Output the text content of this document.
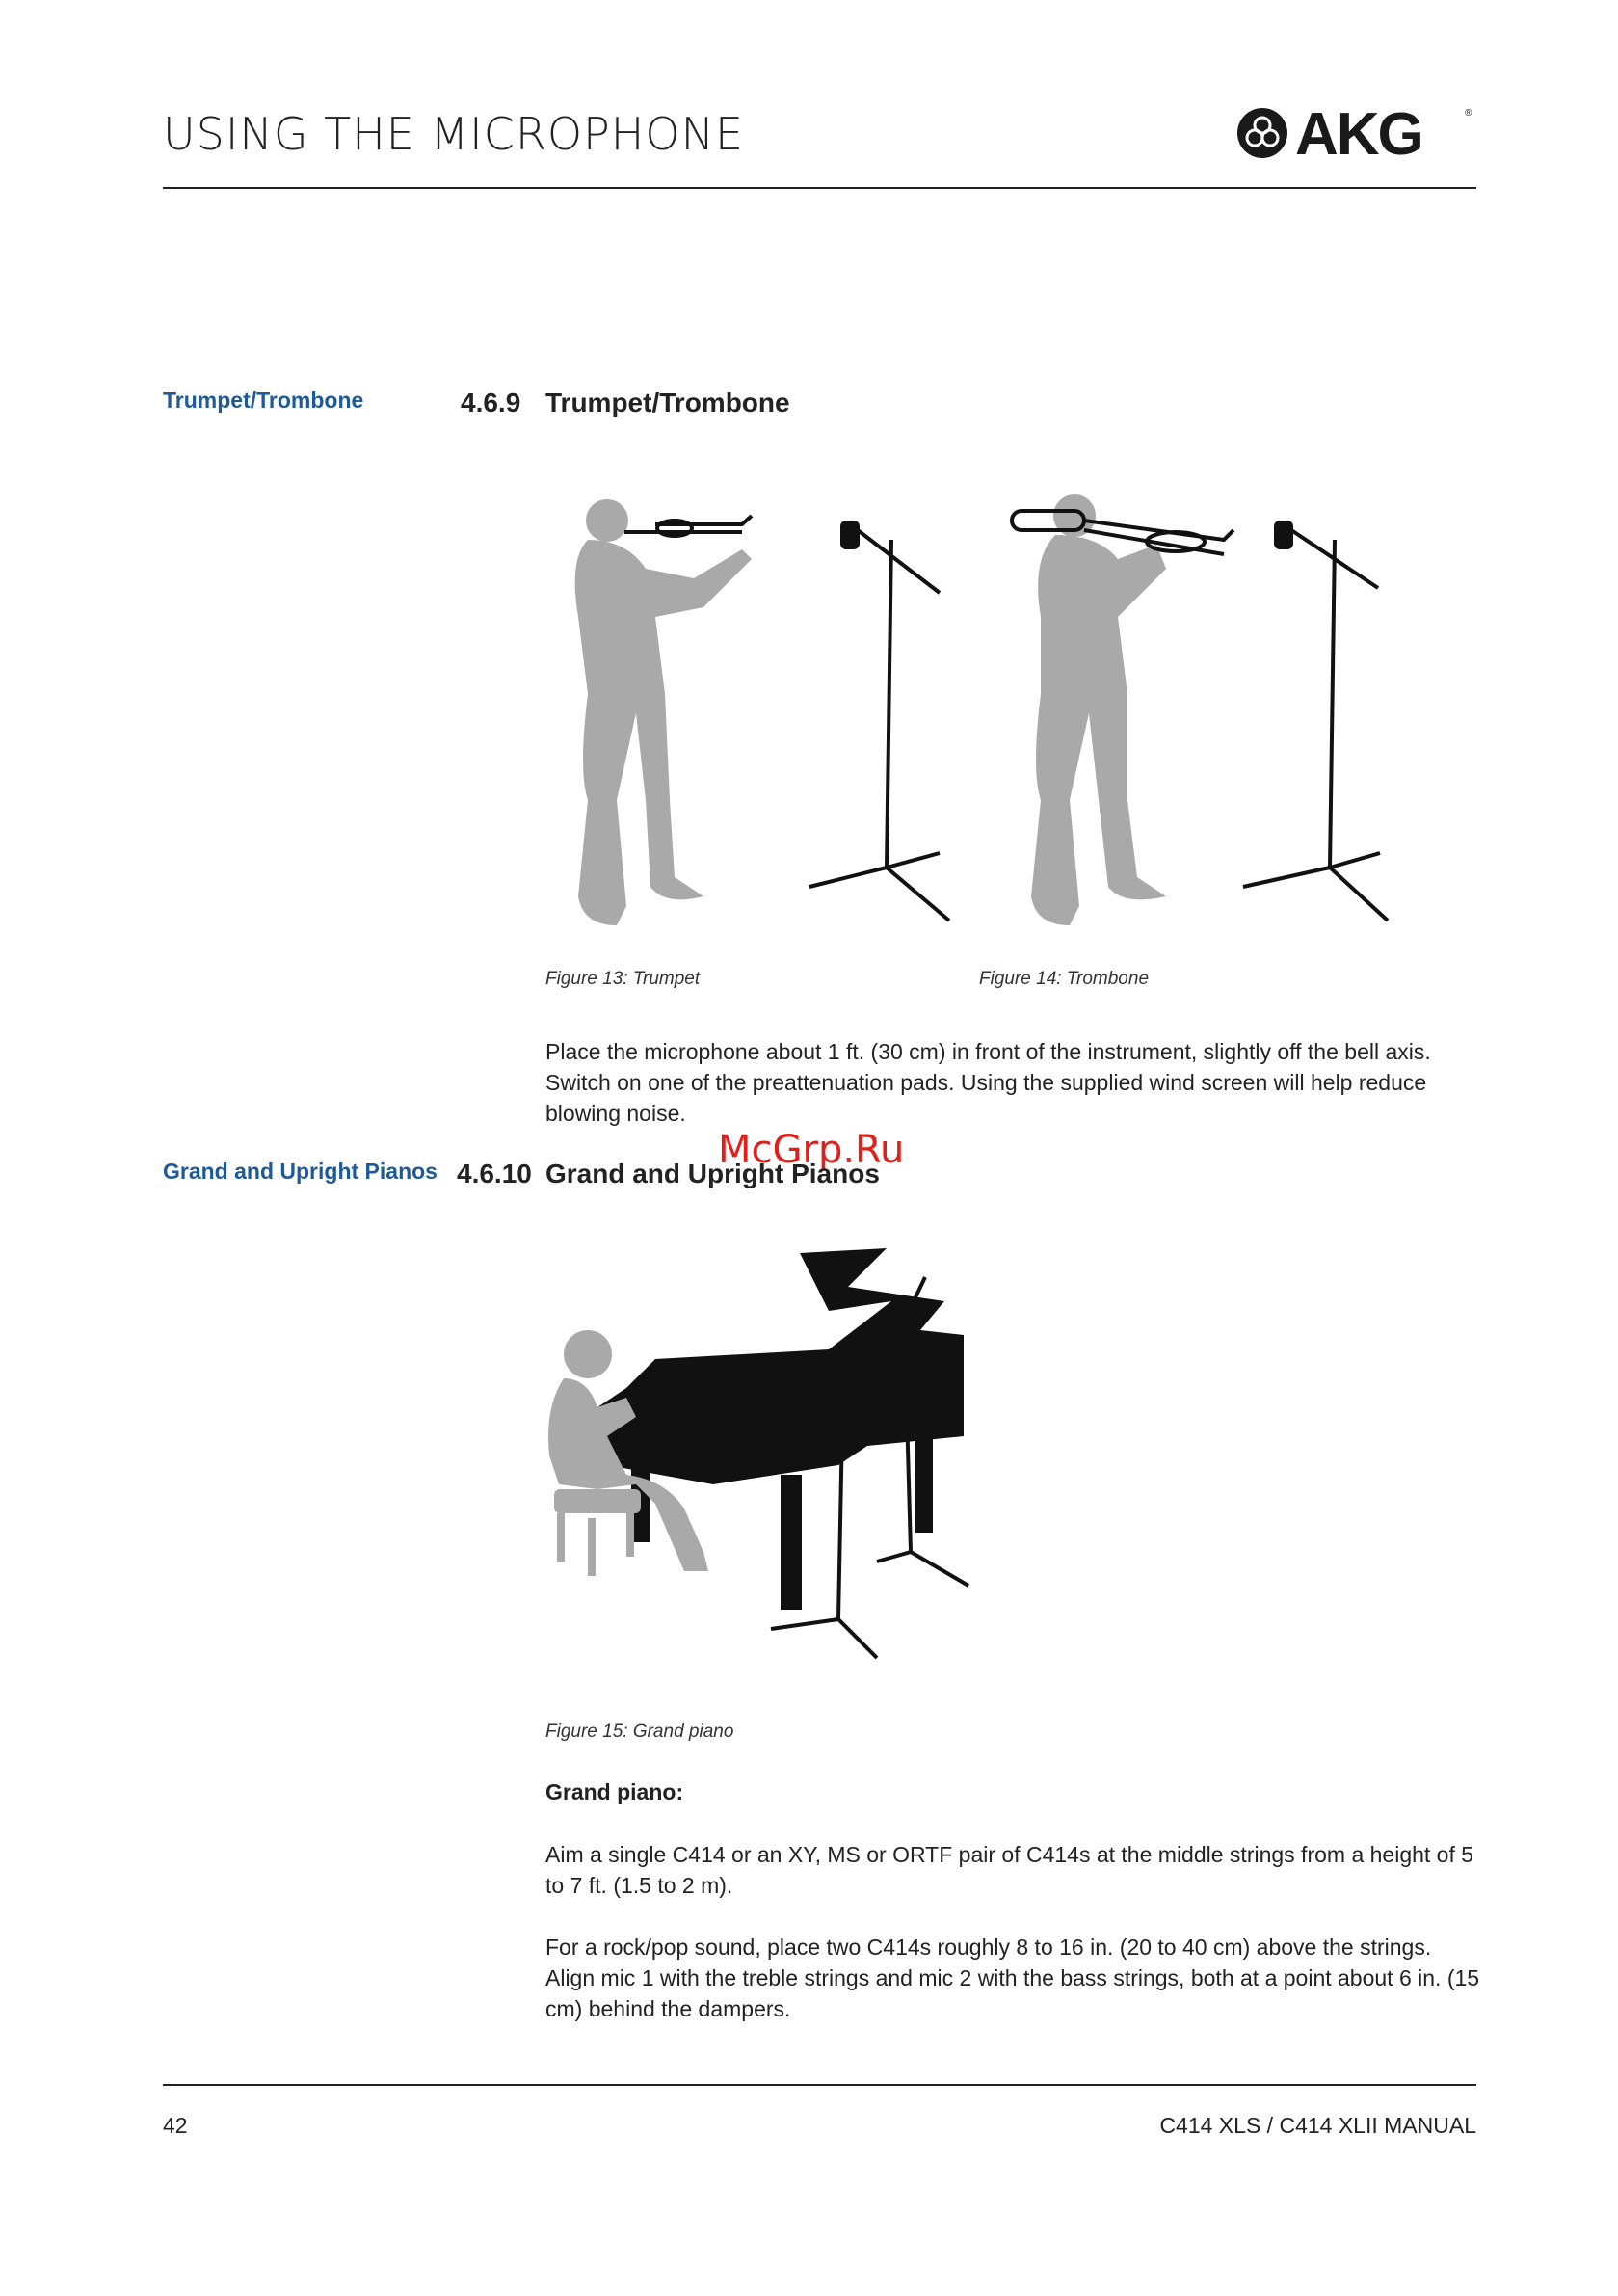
USING THE MICROPHONE	AKG	®
Trumpet/Trombone	4.6.9 Trumpet/Trombone
Figure 13: Trumpet	Figure 14: Trombone
Place the microphone about 1 ft. (30 cm) in front of the instrument, slightly off the bell axis. Switch on one of the preattenuation pads. Using the supplied wind screen will help reduce blowing noise.
McGrp.Ru
Grand and Upright Pianos 4.6.10 Grand and Upright Pianos
Figure 15: Grand piano
Grand piano:
Aim a single C414 or an XY, MS or ORTF pair of C414s at the middle strings from a height of 5 to 7 ft. (1.5 to 2 m).
For a rock/pop sound, place two C414s roughly 8 to 16 in. (20 to 40 cm) above the strings. Align mic 1 with the treble strings and mic 2 with the bass strings, both at a point about 6 in. (15 cm) behind the dampers.
42	C414 XLS / C414 XLII MANUAL
